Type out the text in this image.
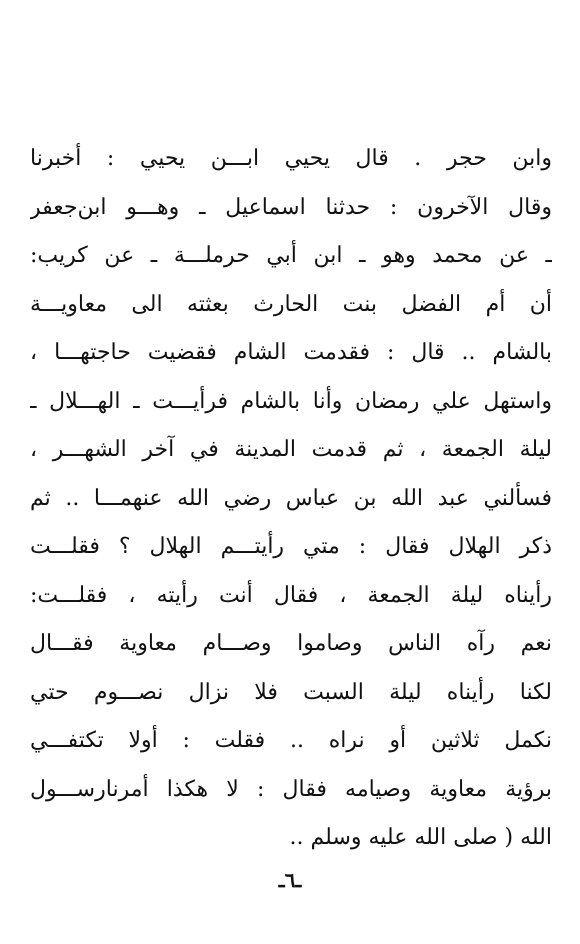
وابن حجر . قال يحيي ابـــن يحيي : أخبرنا
وقال الآخرون : حدثنا اسماعيل ـ وهـــو ابن‌جعفر
ـ عن محمد وهو ـ ابن أبي حرملـــة ـ عن كريب:
أن أم الفضل بنت الحارث بعثته الى معاويـــة
بالشام .. قال : فقدمت الشام فقضيت حاجتهـــا ،
واستهل علي رمضان وأنا بالشام فرأيـــت ـ الهـــلال ـ
ليلة الجمعة ، ثم قدمت المدينة في آخر الشهـــر ،
فسألني عبد الله بن عباس رضي الله عنهمـــا .. ثم
ذكر الهلال فقال : متي رأيتـــم الهلال ؟ فقلـــت
رأيناه ليلة الجمعة ، فقال أنت رأيته ، فقلـــت:
نعم رآه الناس وصاموا وصـــام معاوية فقـــال
لكنا رأيناه ليلة السبت فلا نزال نصـــوم حتي
نكمل ثلاثين أو نراه .. فقلت : أولا تكتفـــي
برؤية معاوية وصيامه فقال : لا هكذا أمرنارســـول
الله ( صلى الله عليه وسلم ..
ـ٦ـ
